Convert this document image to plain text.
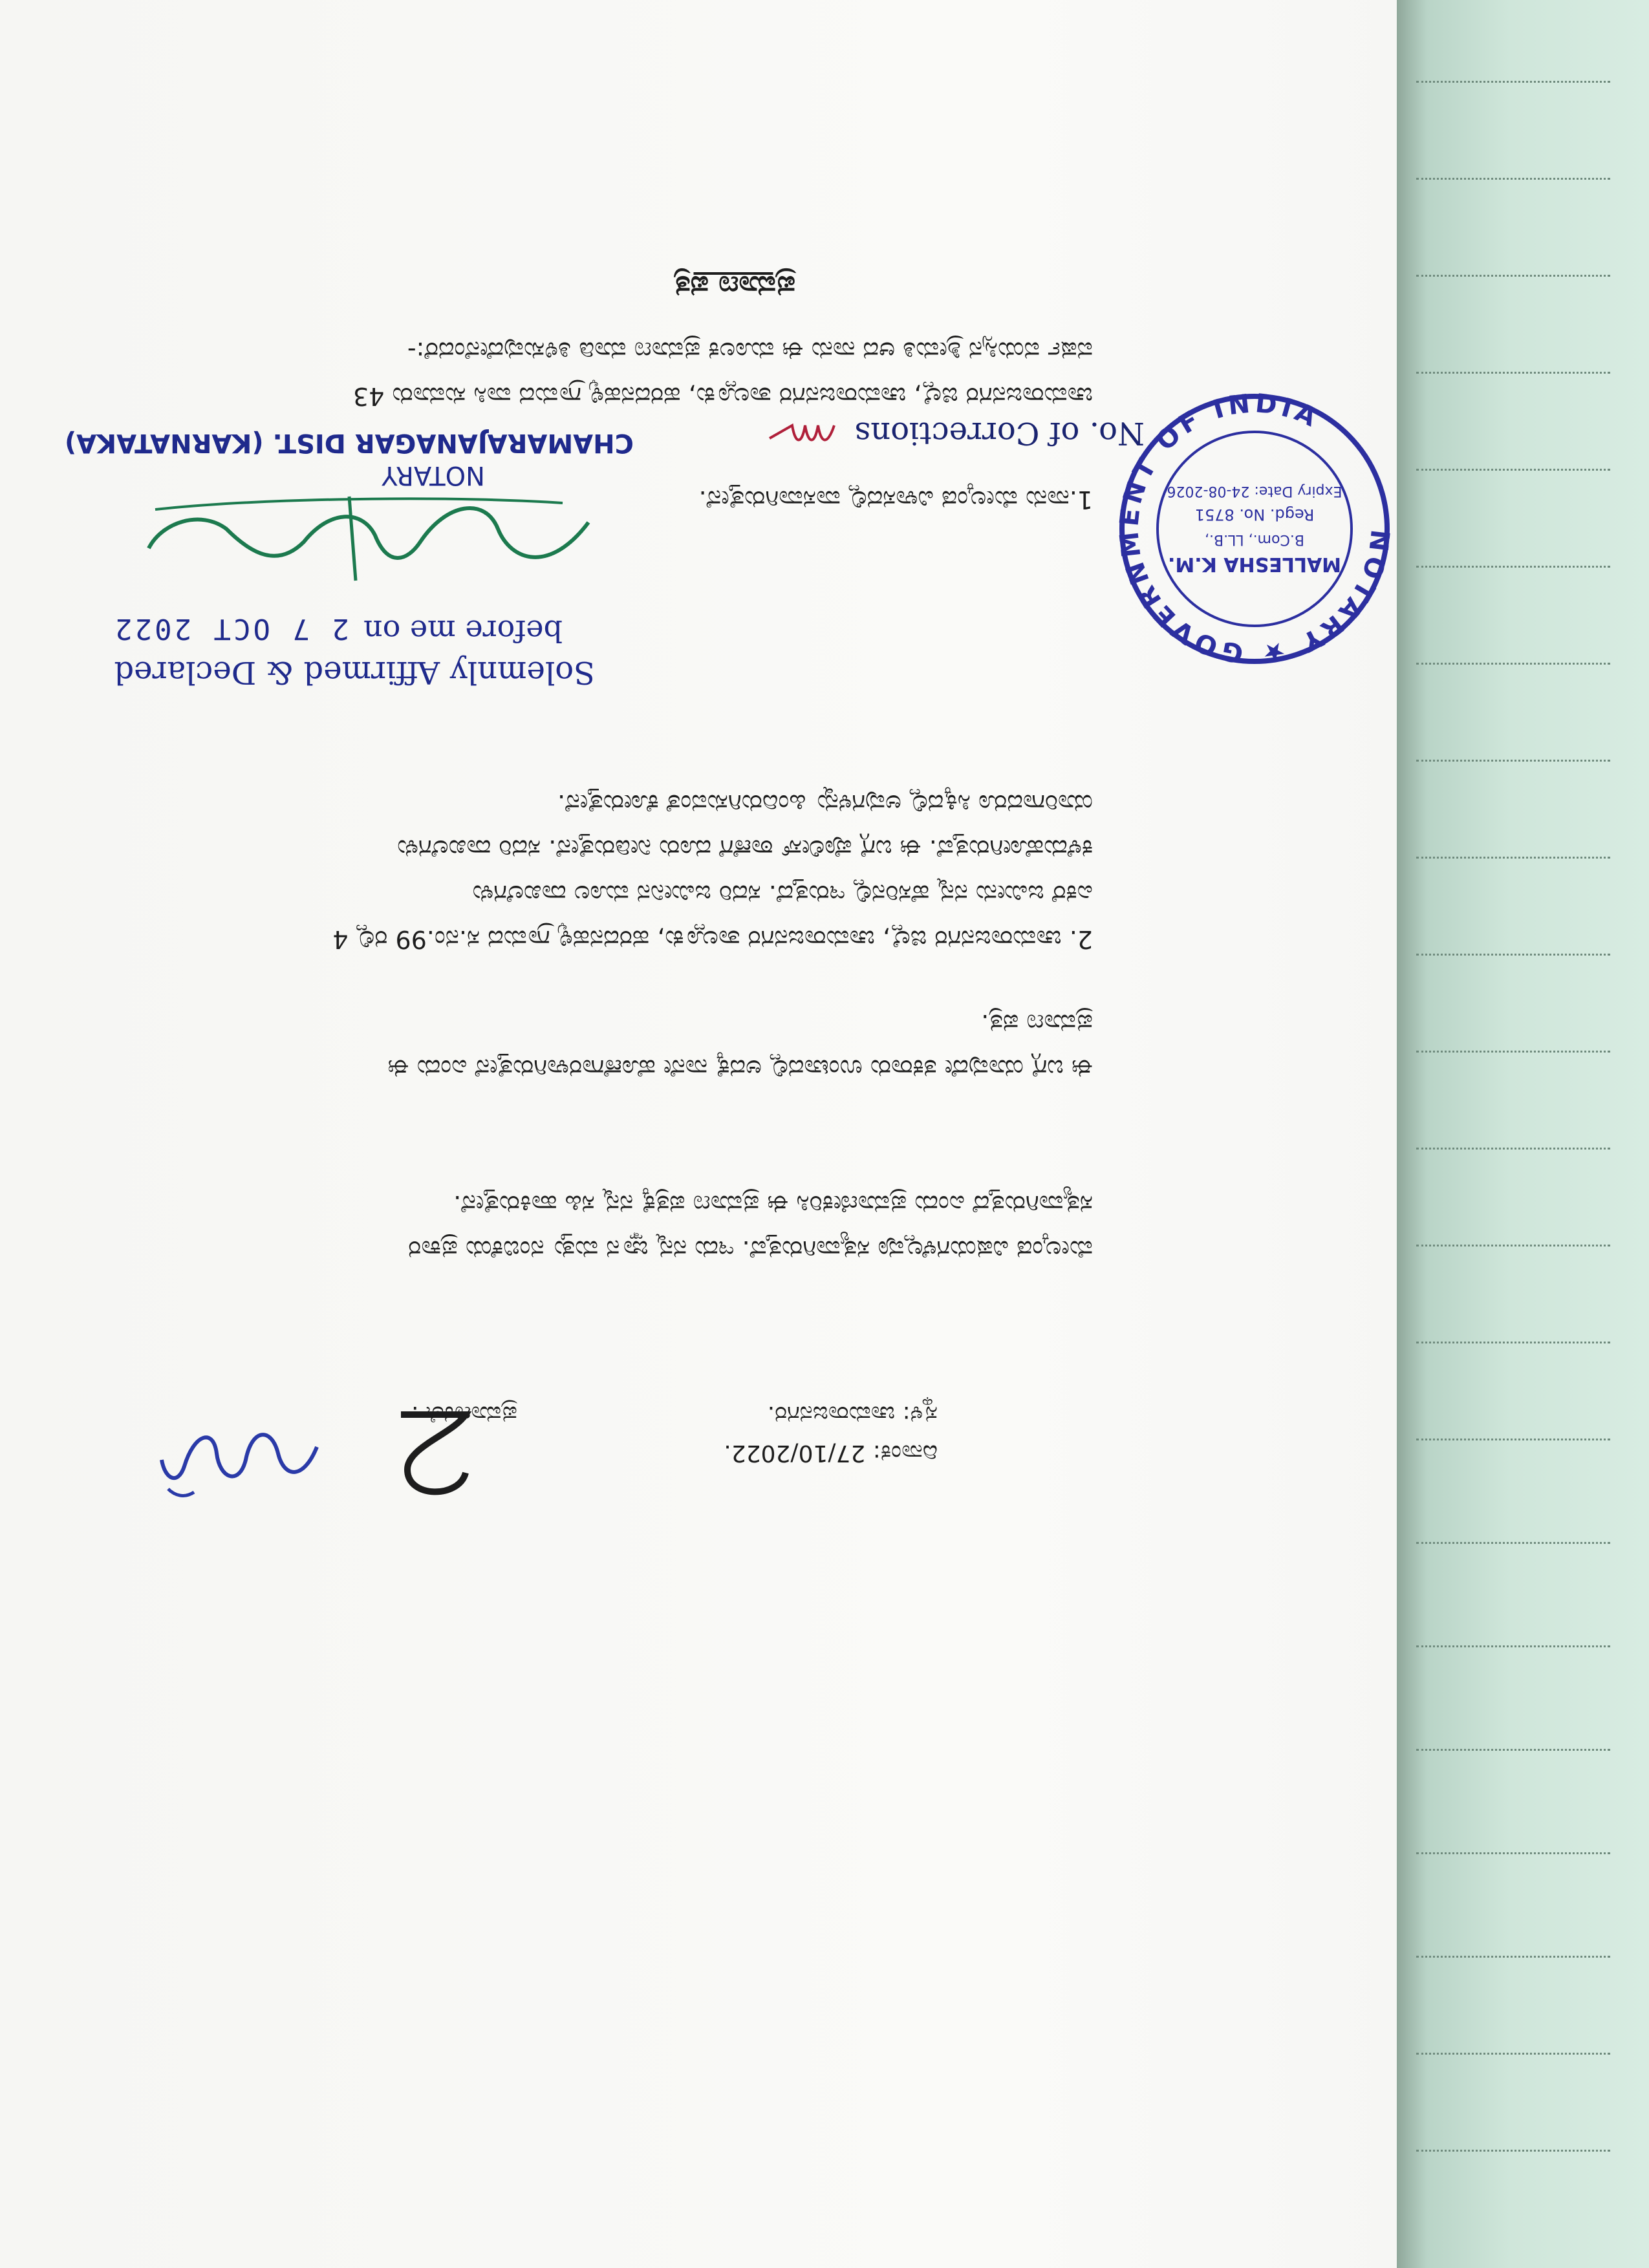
NOTARY ★ GOVERNMENT OF INDIA
MALLESHA K.M.
B.Com., LL.B.,
Regd. No. 8751
Expiry Date: 24-08-2026
ಪ್ರಮಾಣ ಪತ್ರ
ಚಾಮರಾಜನಗರ ಜಿಲ್ಲೆ, ಚಾಮರಾಜನಗರ ತಾಲ್ಲೂಕು, ಹರದನಹಳ್ಳಿ ಗ್ರಾಮದ ವಾಸಿ ಸುಮಾರು 43 ವರ್ಷ ವಯಸ್ಸಿನ ಶ್ರೀಮತಿ ಆದ ನಾನು ಈ ಮೂಲಕ ಪ್ರಮಾಣ ಮಾಡಿ ತಿಳಿಸುವುದೇನೆಂದರೆ:-
1.ನಾನು ಮೇಲ್ಕಂಡ ವಿಳಾಸದಲ್ಲಿ ವಾಸವಾಗಿರುತ್ತೇನೆ.
2. ಚಾಮರಾಜನಗರ ಜಿಲ್ಲೆ, ಚಾಮರಾಜನಗರ ತಾಲ್ಲೂಕು, ಹರದನಹಳ್ಳಿ ಗ್ರಾಮದ ಸ.ನಂ.99 ರಲ್ಲಿ 4 ಎಕರೆ ಜಮೀನು ನನ್ನ ಹೆಸರಿನಲ್ಲಿ ಇರುತ್ತದೆ. ಸದರಿ ಜಮೀನಿನ ಮೂಲ ದಾಖಲೆಗಳು ಕಳೆದುಹೋಗಿರುತ್ತವೆ. ಈ ಬಗ್ಗೆ ಪೊಲೀಸ್ ಠಾಣೆಗೆ ದೂರು ನೀಡಿರುತ್ತೇನೆ. ಸದರಿ ದಾಖಲೆಗಳು ಯಾರಿಗಾದರೂ ಸಿಕ್ಕಿದಲ್ಲಿ ಅವುಗಳನ್ನು ಹಿಂದಿರುಗಿಸುವಂತೆ ಕೋರುತ್ತೇನೆ.
ಈ ಬಗ್ಗೆ ಯಾವುದೇ ತಕರಾರು ಉಂಟಾದಲ್ಲಿ ಅದಕ್ಕೆ ನಾನೇ ಹೊಣೆಗಾರಳಾಗಿರುತ್ತೇನೆ ಎಂದು ಈ ಪ್ರಮಾಣ ಪತ್ರ.
ಮೇಲ್ಕಂಡ ವಿಷಯಗಳೆಲ್ಲವೂ ಸತ್ಯವಾಗಿರುತ್ತವೆ. ಇದು ನನ್ನ ಜ್ಞಾನ ಮತ್ತು ನಂಬಿಕೆಯ ಪ್ರಕಾರ ಸತ್ಯವಾಗಿರುತ್ತದೆ ಎಂದು ಪ್ರಮಾಣೀಕರಿಸಿ ಈ ಪ್ರಮಾಣ ಪತ್ರಕ್ಕೆ ನನ್ನ ಸಹಿ ಹಾಕಿರುತ್ತೇನೆ.
ದಿನಾಂಕ: 27/10/2022.
ಸ್ಥಳ: ಚಾಮರಾಜನಗರ.
ಪ್ರಮಾಣಕರ್ತೆ.
Solemnly Affirmed & Declared
before me on
2 7 OCT 2022
NOTARY
CHAMARAJANAGAR DIST. (KARNATAKA)	No. of Corrections
